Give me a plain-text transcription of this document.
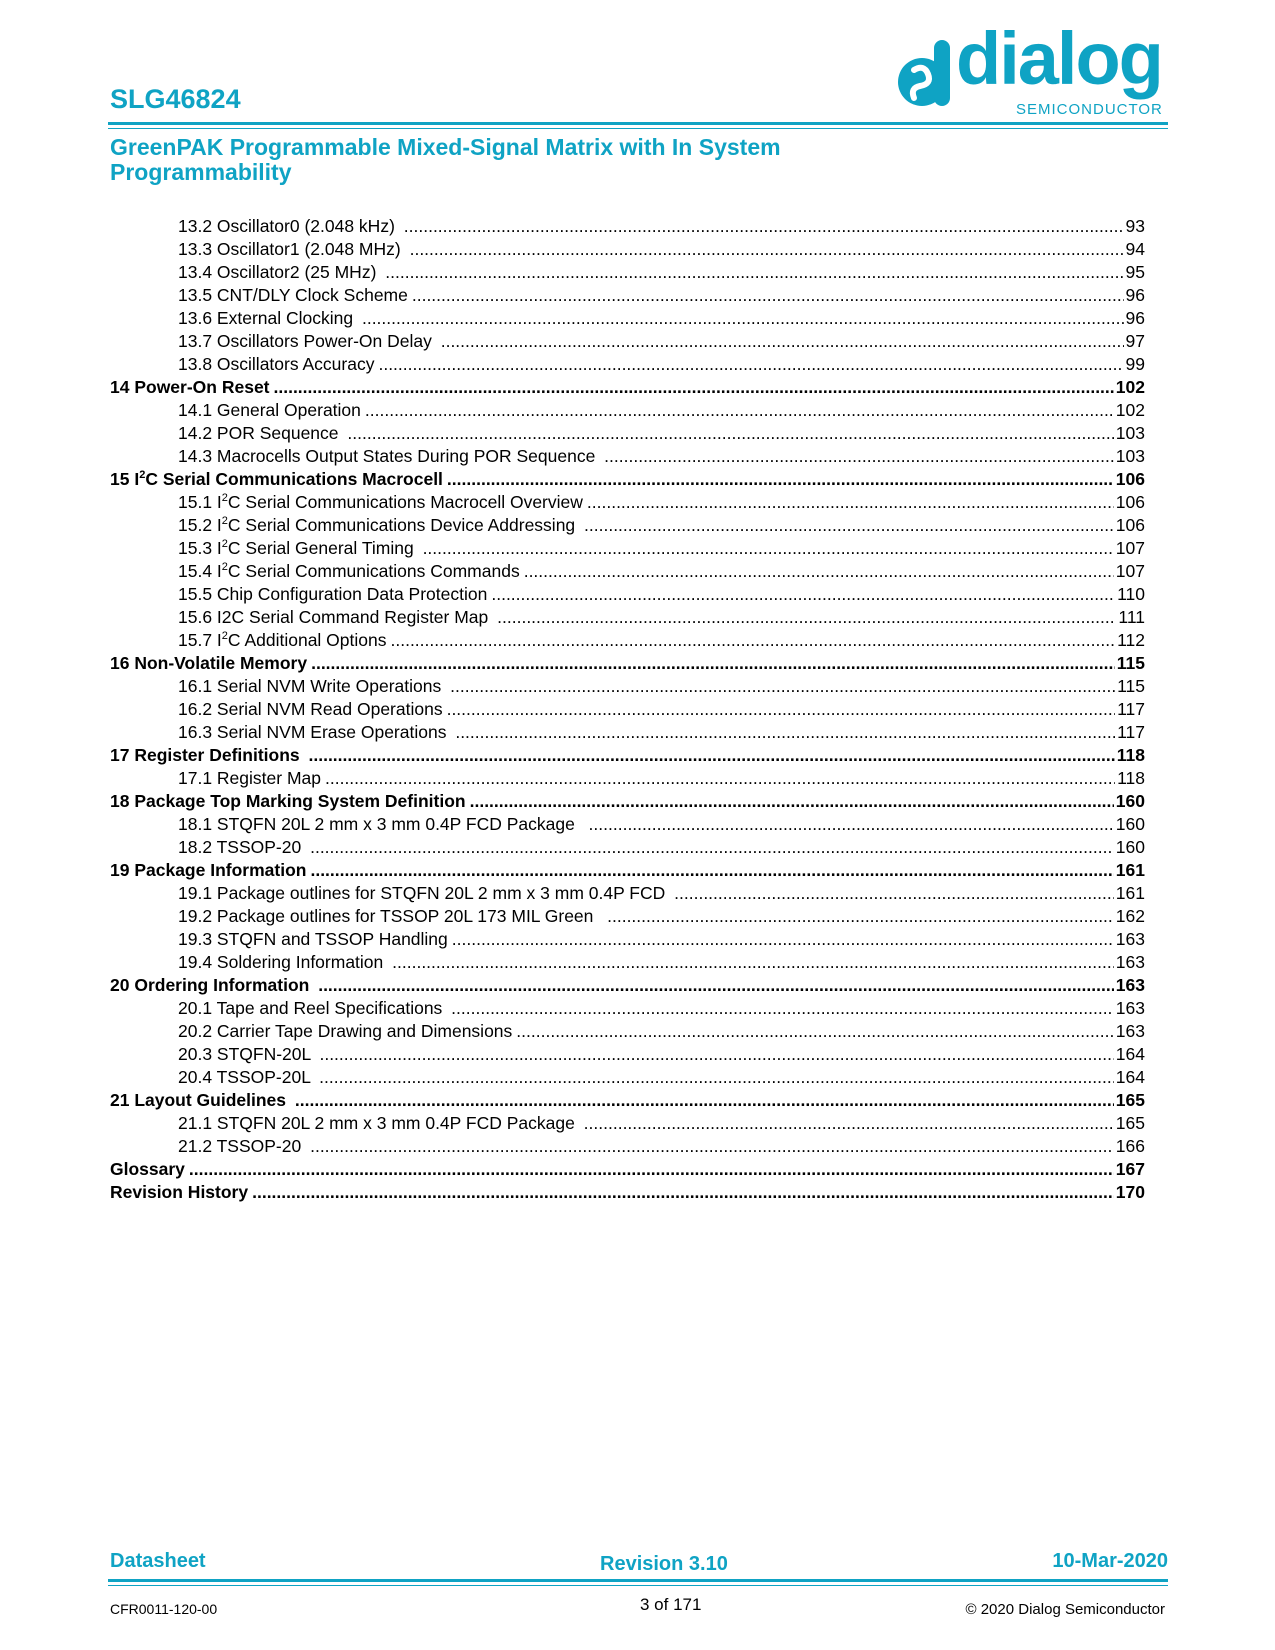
SLG46824
GreenPAK Programmable Mixed-Signal Matrix with In System
Programmability
dialog
SEMICONDUCTOR
13.2 Oscillator0 (2.048 kHz) .....	93
13.3 Oscillator1 (2.048 MHz) .....	94
13.4 Oscillator2 (25 MHz) .....	95
13.5 CNT/DLY Clock Scheme .....	96
13.6 External Clocking .....	96
13.7 Oscillators Power-On Delay .....	97
13.8 Oscillators Accuracy .....	99
14 Power-On Reset .....	102
14.1 General Operation .....	102
14.2 POR Sequence .....	103
14.3 Macrocells Output States During POR Sequence .....	103
15 $I^2C$ Serial Communications Macrocell .....	106
15.1 $I^2C$ Serial Communications Macrocell Overview .....	106
15.2 $I^2C$ Serial Communications Device Addressing .....	106
15.3 $I^2C$ Serial General Timing .....	107
15.4 $I^2C$ Serial Communications Commands .....	107
15.5 Chip Configuration Data Protection .....	110
15.6 I2C Serial Command Register Map .....	111
15.7 $I^2C$ Additional Options .....	112
16 Non-Volatile Memory .....	115
16.1 Serial NVM Write Operations .....	115
16.2 Serial NVM Read Operations .....	117
16.3 Serial NVM Erase Operations .....	117
17 Register Definitions .....	118
17.1 Register Map .....	118
18 Package Top Marking System Definition .....	160
18.1 STQFN 20L 2 mm x 3 mm 0.4P FCD Package .....	160
18.2 TSSOP-20 .....	160
19 Package Information .....	161
19.1 Package outlines for STQFN 20L 2 mm x 3 mm 0.4P FCD .....	161
19.2 Package outlines for TSSOP 20L 173 MIL Green .....	162
19.3 STQFN and TSSOP Handling .....	163
19.4 Soldering Information .....	163
20 Ordering Information .....	163
20.1 Tape and Reel Specifications .....	163
20.2 Carrier Tape Drawing and Dimensions .....	163
20.3 STQFN-20L .....	164
20.4 TSSOP-20L .....	164
21 Layout Guidelines .....	165
21.1 STQFN 20L 2 mm x 3 mm 0.4P FCD Package .....	165
21.2 TSSOP-20 .....	166
Glossary .....	167
Revision History .....	170
Datasheet	Revision 3.10	10-Mar-2020
CFR0011-120-00	3 of 171	© 2020 Dialog Semiconductor
